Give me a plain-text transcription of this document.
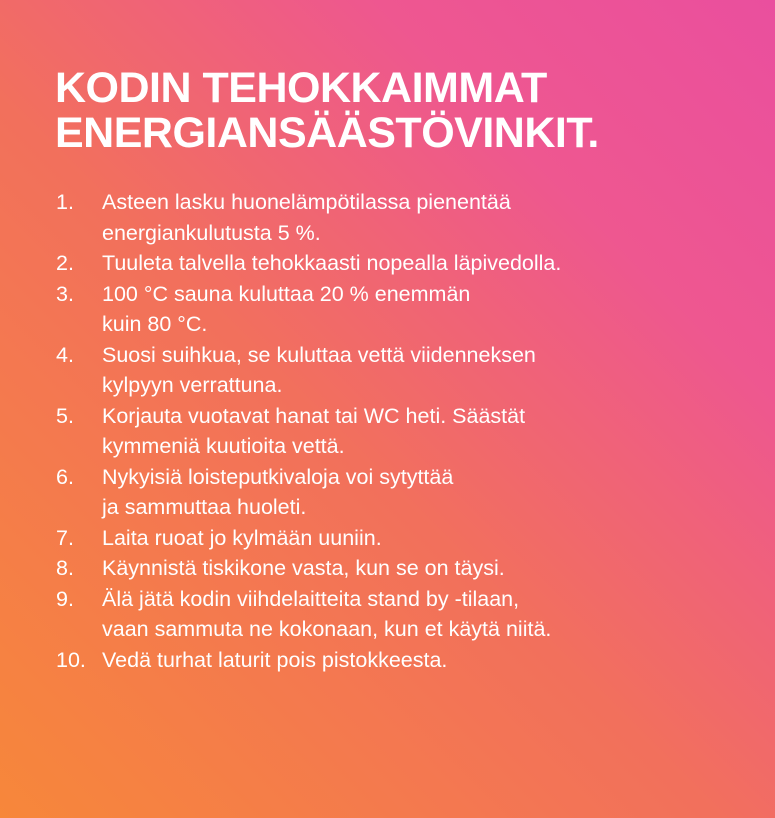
KODIN TEHOKKAIMMAT
ENERGIANSÄÄSTÖVINKIT.
1.	Asteen lasku huonelämpötilassa pienentää
energiankulutusta 5 %.
2.	Tuuleta talvella tehokkaasti nopealla läpivedolla.
3.	100 °C sauna kuluttaa 20 % enemmän
kuin 80 °C.
4.	Suosi suihkua, se kuluttaa vettä viidenneksen
kylpyyn verrattuna.
5.	Korjauta vuotavat hanat tai WC heti. Säästät
kymmeniä kuutioita vettä.
6.	Nykyisiä loisteputkivaloja voi sytyttää
ja sammuttaa huoleti.
7.	Laita ruoat jo kylmään uuniin.
8.	Käynnistä tiskikone vasta, kun se on täysi.
9.	Älä jätä kodin viihdelaitteita stand by -tilaan,
vaan sammuta ne kokonaan, kun et käytä niitä.
10. Vedä turhat laturit pois pistokkeesta.
